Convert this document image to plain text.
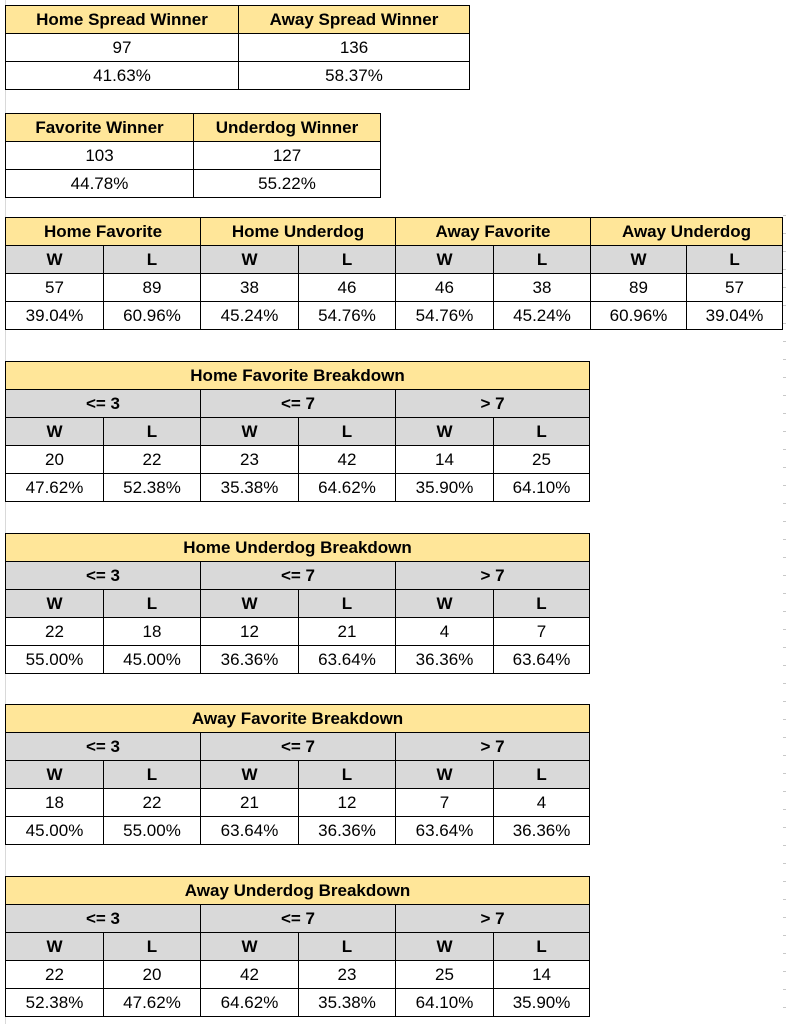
Home Spread Winner	Away Spread Winner
97	136
41.63%	58.37%
Favorite Winner	Underdog Winner
103	127
44.78%	55.22%
Home Favorite		Home Underdog		Away Favorite		Away Underdog	
W	L	W	L	W	L	W	L
57	89	38	46	46	38	89	57
39.04%	60.96%	45.24%	54.76%	54.76%	45.24%	60.96%	39.04%
Home Favorite Breakdown					
<= 3		<= 7		> 7	
W	L	W	L	W	L
20	22	23	42	14	25
47.62%	52.38%	35.38%	64.62%	35.90%	64.10%
Home Underdog Breakdown					
<= 3		<= 7		> 7	
W	L	W	L	W	L
22	18	12	21	4	7
55.00%	45.00%	36.36%	63.64%	36.36%	63.64%
Away Favorite Breakdown					
<= 3		<= 7		> 7	
W	L	W	L	W	L
18	22	21	12	7	4
45.00%	55.00%	63.64%	36.36%	63.64%	36.36%
Away Underdog Breakdown					
<= 3		<= 7		> 7	
W	L	W	L	W	L
22	20	42	23	25	14
52.38%	47.62%	64.62%	35.38%	64.10%	35.90%
